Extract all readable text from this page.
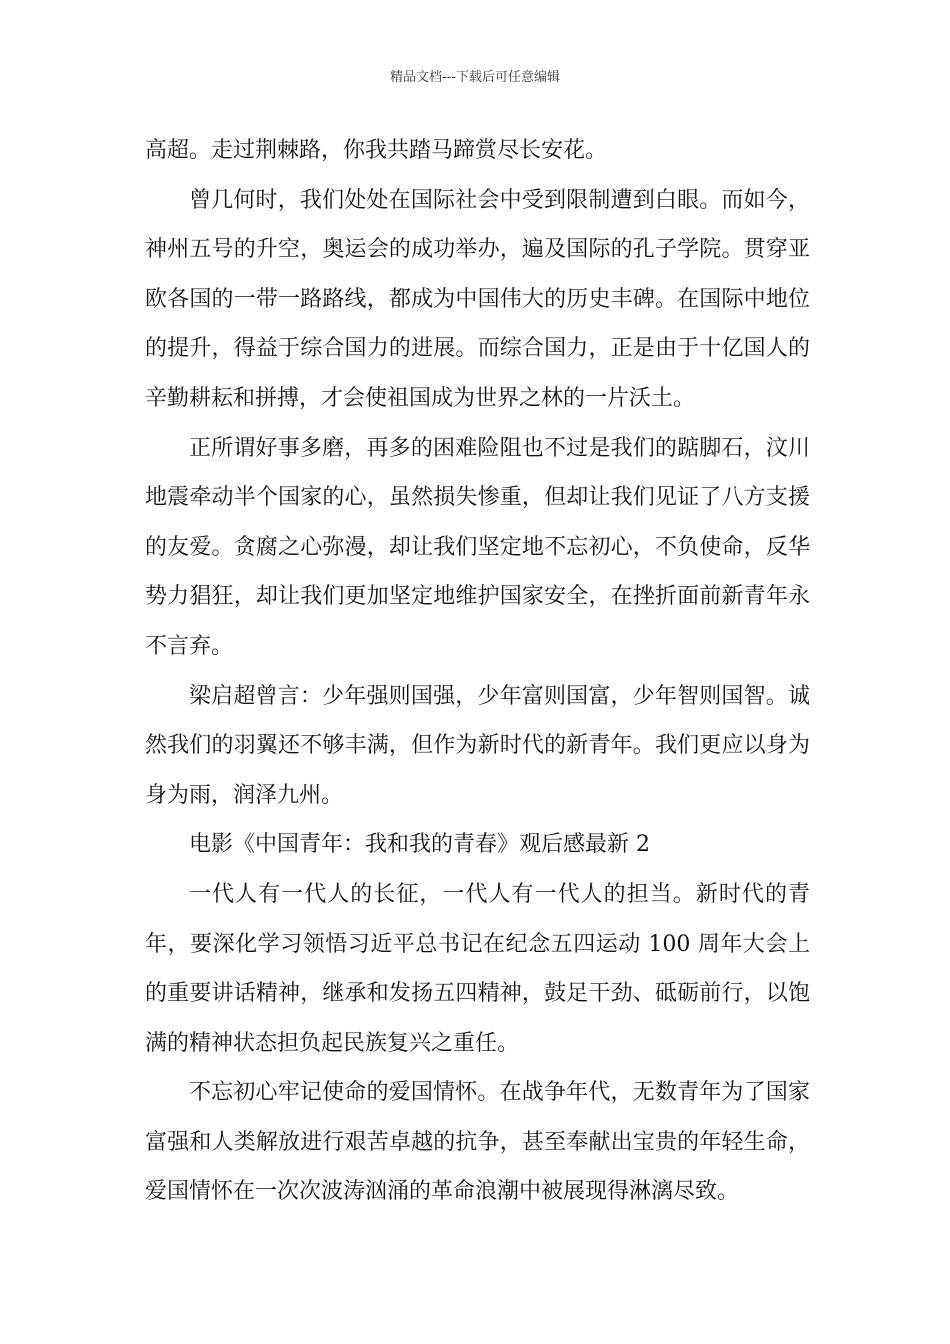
精品文档---下载后可任意编辑

高超。走过荆棘路，你我共踏马蹄赏尽长安花。

曾几何时，我们处处在国际社会中受到限制遭到白眼。而如今，神州五号的升空，奥运会的成功举办，遍及国际的孔子学院。贯穿亚欧各国的一带一路路线，都成为中国伟大的历史丰碑。在国际中地位的提升，得益于综合国力的进展。而综合国力，正是由于十亿国人的辛勤耕耘和拼搏，才会使祖国成为世界之林的一片沃土。

正所谓好事多磨，再多的困难险阻也不过是我们的踮脚石，汶川地震牵动半个国家的心，虽然损失惨重，但却让我们见证了八方支援的友爱。贪腐之心弥漫，却让我们坚定地不忘初心，不负使命，反华势力猖狂，却让我们更加坚定地维护国家安全，在挫折面前新青年永不言弃。

梁启超曾言：少年强则国强，少年富则国富，少年智则国智。诚然我们的羽翼还不够丰满，但作为新时代的新青年。我们更应以身为身为雨，润泽九州。

电影《中国青年：我和我的青春》观后感最新 2

一代人有一代人的长征，一代人有一代人的担当。新时代的青年，要深化学习领悟习近平总书记在纪念五四运动 100 周年大会上的重要讲话精神，继承和发扬五四精神，鼓足干劲、砥砺前行，以饱满的精神状态担负起民族复兴之重任。

不忘初心牢记使命的爱国情怀。在战争年代，无数青年为了国家富强和人类解放进行艰苦卓越的抗争，甚至奉献出宝贵的年轻生命，爱国情怀在一次次波涛汹涌的革命浪潮中被展现得淋漓尽致。
